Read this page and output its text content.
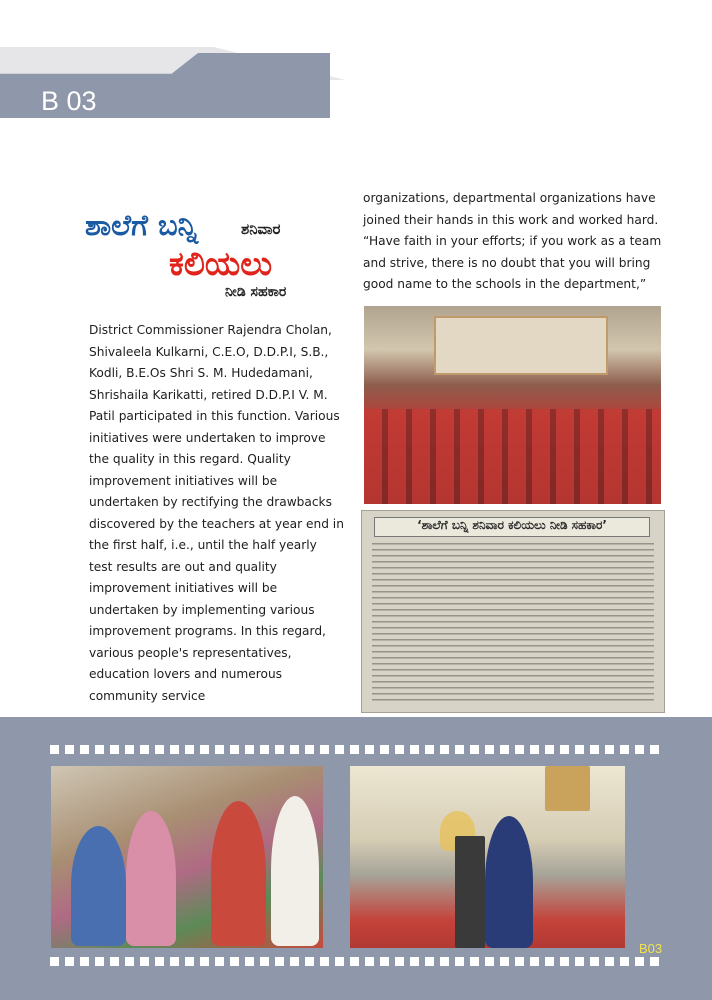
B 03
ಶಾಲೆಗೆ ಬನ್ನಿ	ಶನಿವಾರ
ಕಲಿಯಲು
ನೀಡಿ ಸಹಕಾರ

District Commissioner Rajendra Cholan, Shivaleela Kulkarni, C.E.O, D.D.P.I, S.B., Kodli, B.E.Os Shri S. M. Hudedamani, Shrishaila Karikatti, retired D.D.P.I V. M. Patil participated in this function. Various initiatives were undertaken to improve the quality in this regard. Quality improvement initiatives will be undertaken by rectifying the drawbacks discovered by the teachers at year end in the first half, i.e., until the half yearly test results are out and quality improvement initiatives will be undertaken by implementing various improvement programs. In this regard, various people's representatives, education lovers and numerous community service

organizations, departmental organizations have joined their hands in this work and worked hard. “Have faith in your efforts; if you work as a team and strive, there is no doubt that you will bring good name to the schools in the department,”

‘ಶಾಲೆಗೆ ಬನ್ನಿ ಶನಿವಾರ ಕಲಿಯಲು ನೀಡಿ ಸಹಕಾರ’
B03
